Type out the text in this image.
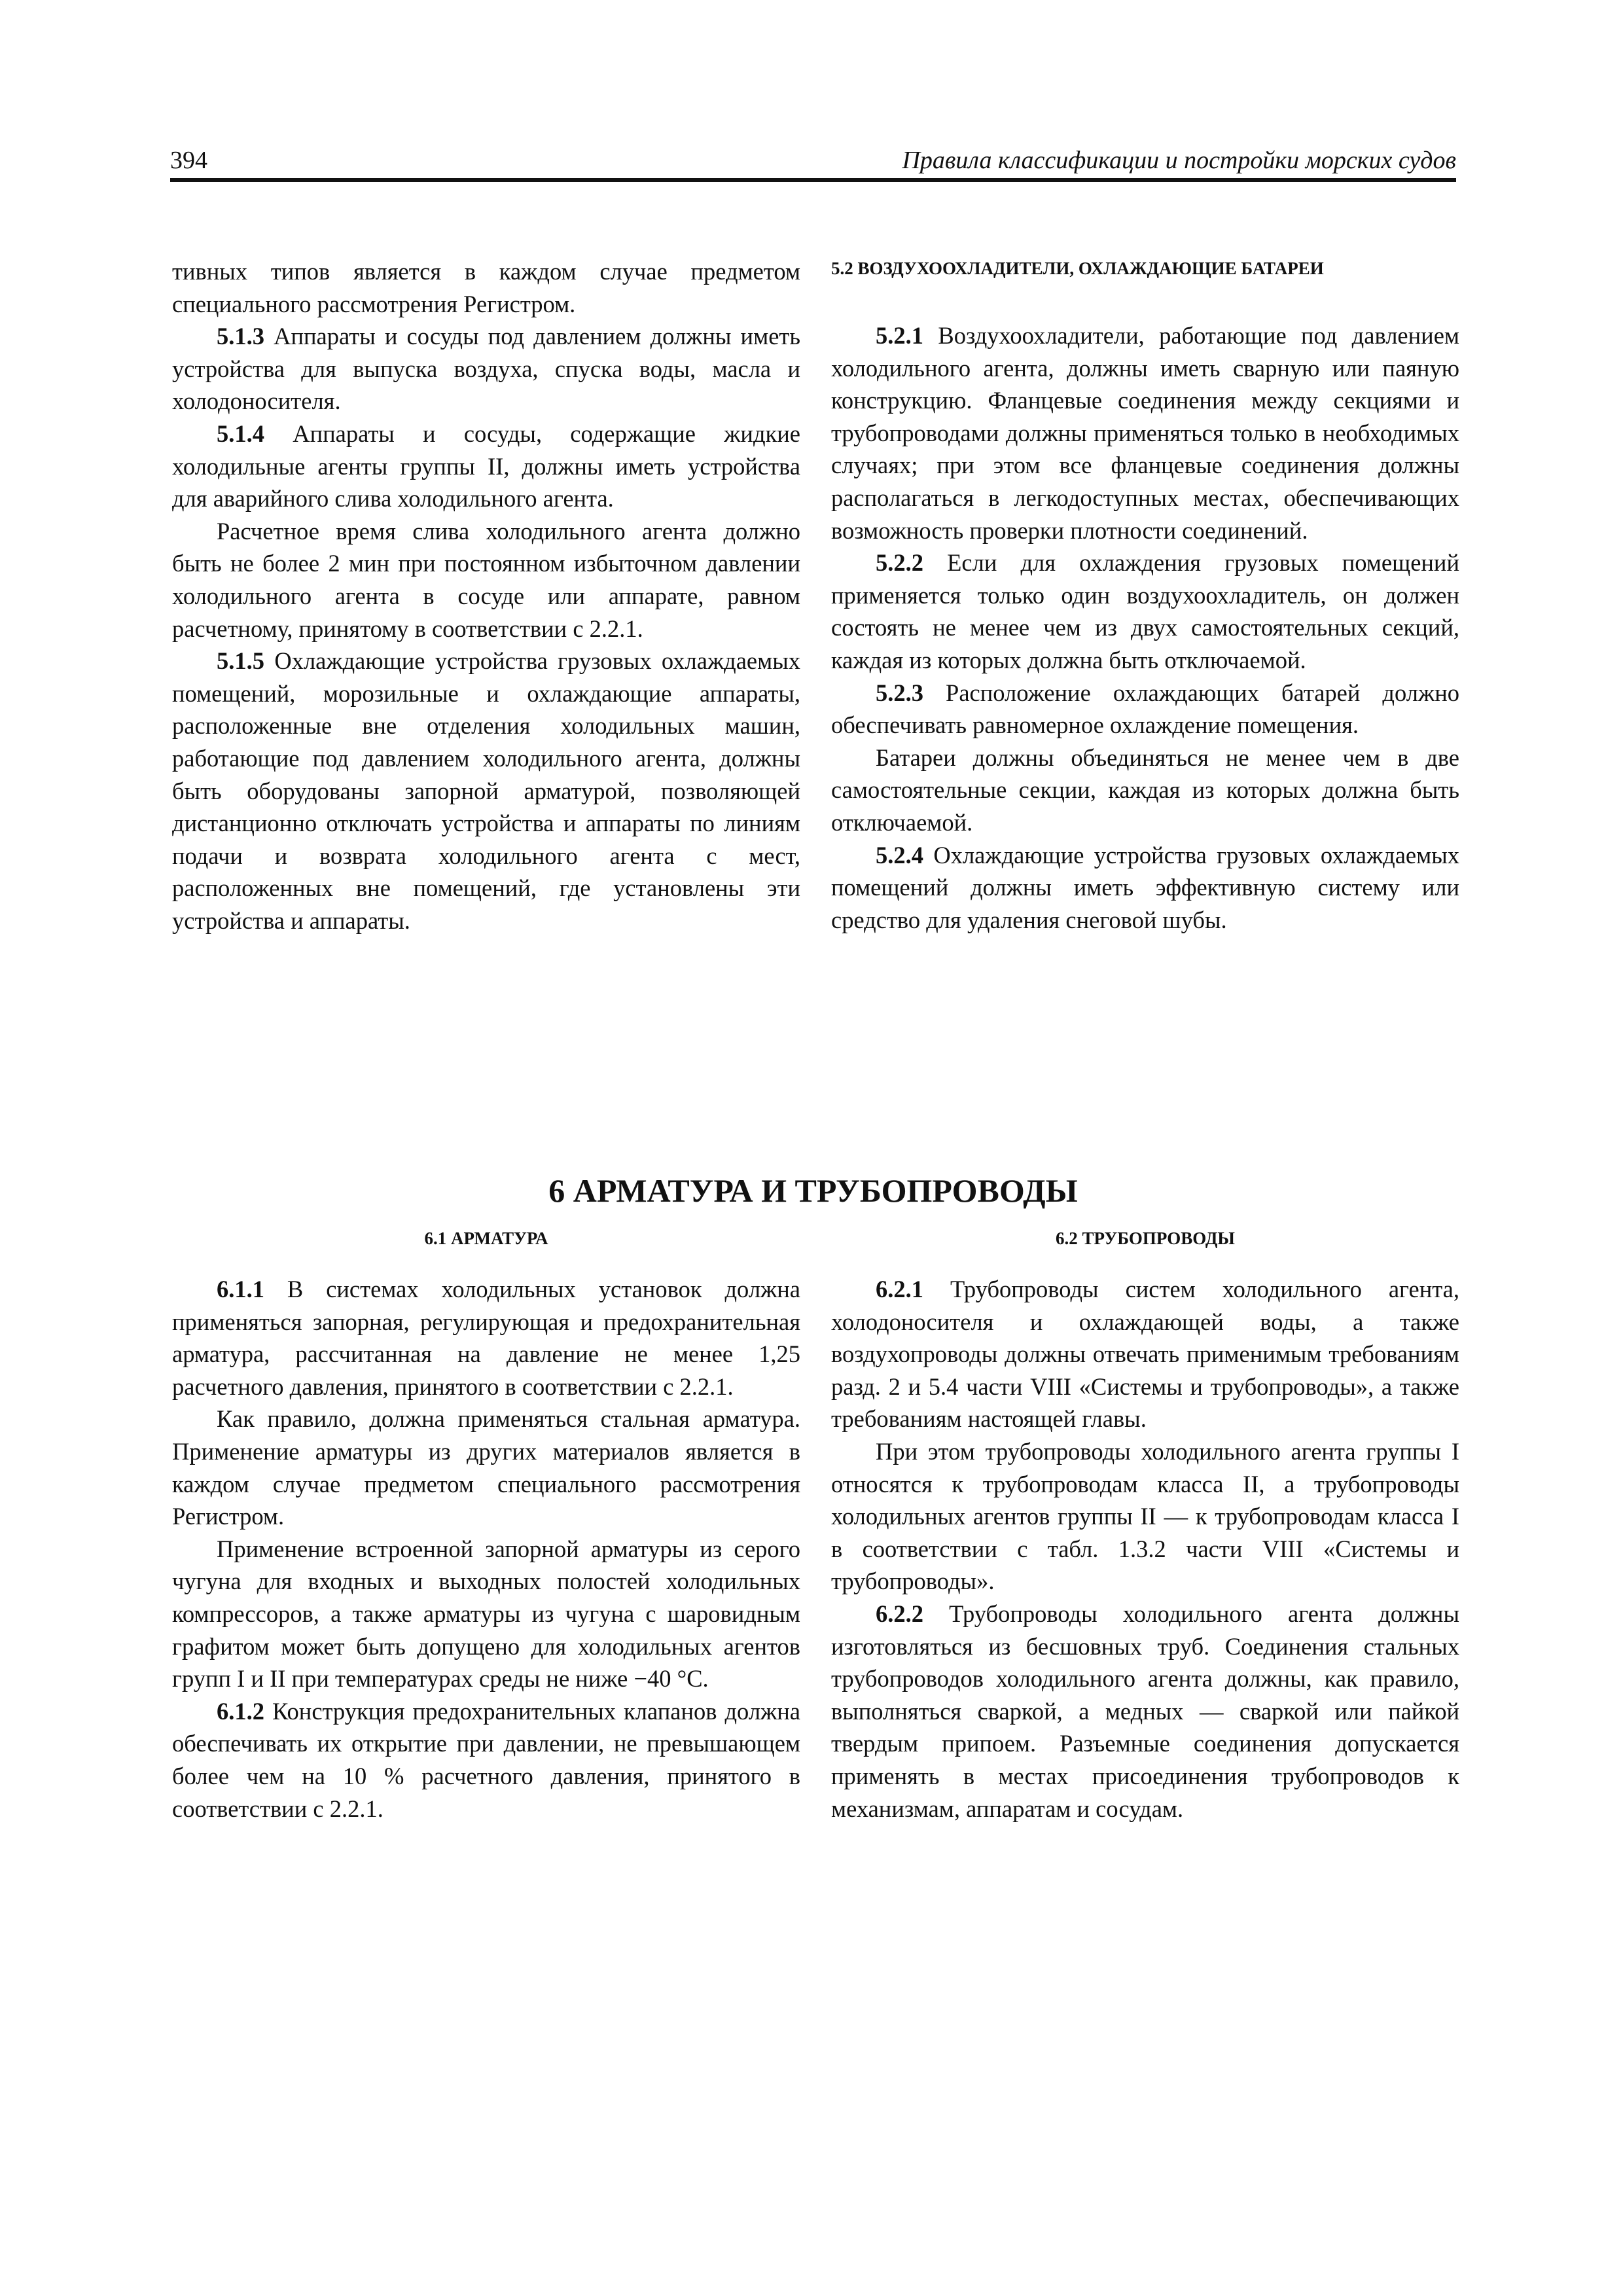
394	Правила классификации и постройки морских судов

тивных типов является в каждом случае предметом специального рассмотрения Регистром.

5.1.3 Аппараты и сосуды под давлением должны иметь устройства для выпуска воздуха, спуска воды, масла и холодоносителя.

5.1.4 Аппараты и сосуды, содержащие жидкие холодильные агенты группы II, должны иметь устройства для аварийного слива холодильного агента.

Расчетное время слива холодильного агента должно быть не более 2 мин при постоянном избыточном давлении холодильного агента в сосуде или аппарате, равном расчетному, принятому в соответствии с 2.2.1.

5.1.5 Охлаждающие устройства грузовых охлаждаемых помещений, морозильные и охлаждающие аппараты, расположенные вне отделения холодильных машин, работающие под давлением холодильного агента, должны быть оборудованы запорной арматурой, позволяющей дистанционно отключать устройства и аппараты по линиям подачи и возврата холодильного агента с мест, расположенных вне помещений, где установлены эти устройства и аппараты.

5.2 ВОЗДУХООХЛАДИТЕЛИ, ОХЛАЖДАЮЩИЕ БАТАРЕИ

5.2.1 Воздухоохладители, работающие под давлением холодильного агента, должны иметь сварную или паяную конструкцию. Фланцевые соединения между секциями и трубопроводами должны применяться только в необходимых случаях; при этом все фланцевые соединения должны располагаться в легкодоступных местах, обеспечивающих возможность проверки плотности соединений.

5.2.2 Если для охлаждения грузовых помещений применяется только один воздухоохладитель, он должен состоять не менее чем из двух самостоятельных секций, каждая из которых должна быть отключаемой.

5.2.3 Расположение охлаждающих батарей должно обеспечивать равномерное охлаждение помещения.

Батареи должны объединяться не менее чем в две самостоятельные секции, каждая из которых должна быть отключаемой.

5.2.4 Охлаждающие устройства грузовых охлаждаемых помещений должны иметь эффективную систему или средство для удаления снеговой шубы.

6 АРМАТУРА И ТРУБОПРОВОДЫ
6.1 АРМАТУРА	6.2 ТРУБОПРОВОДЫ

6.1.1 В системах холодильных установок должна применяться запорная, регулирующая и предохранительная арматура, рассчитанная на давление не менее 1,25 расчетного давления, принятого в соответствии с 2.2.1.

Как правило, должна применяться стальная арматура. Применение арматуры из других материалов является в каждом случае предметом специального рассмотрения Регистром.

Применение встроенной запорной арматуры из серого чугуна для входных и выходных полостей холодильных компрессоров, а также арматуры из чугуна с шаровидным графитом может быть допущено для холодильных агентов групп I и II при температурах среды не ниже −40 °С.

6.1.2 Конструкция предохранительных клапанов должна обеспечивать их открытие при давлении, не превышающем более чем на 10 % расчетного давления, принятого в соответствии с 2.2.1.

6.2.1 Трубопроводы систем холодильного агента, холодоносителя и охлаждающей воды, а также воздухопроводы должны отвечать применимым требованиям разд. 2 и 5.4 части VIII «Системы и трубопроводы», а также требованиям настоящей главы.

При этом трубопроводы холодильного агента группы I относятся к трубопроводам класса II, а трубопроводы холодильных агентов группы II — к трубопроводам класса I в соответствии с табл. 1.3.2 части VIII «Системы и трубопроводы».

6.2.2 Трубопроводы холодильного агента должны изготовляться из бесшовных труб. Соединения стальных трубопроводов холодильного агента должны, как правило, выполняться сваркой, а медных — сваркой или пайкой твердым припоем. Разъемные соединения допускается применять в местах присоединения трубопроводов к механизмам, аппаратам и сосудам.
